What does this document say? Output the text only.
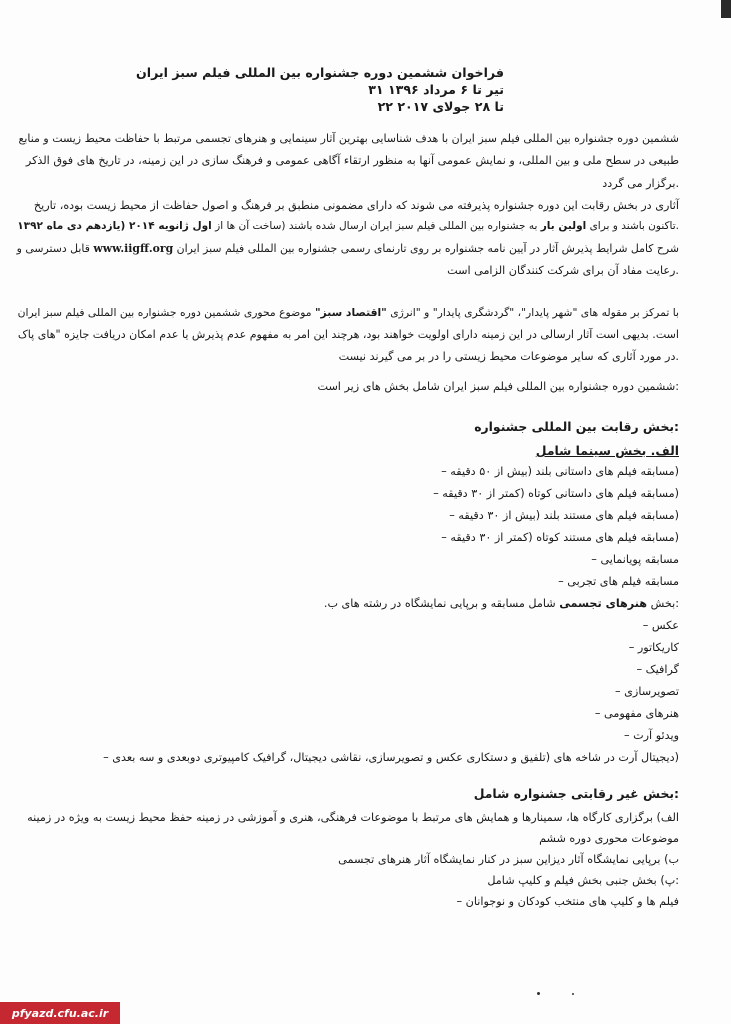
فراخوان ششمین دوره جشنواره بین المللی فیلم سبز ایران
تیر تا ۶ مرداد ۱۳۹۶ ۳۱
تا ۲۸ جولای ۲۰۱۷ ۲۲
ششمین دوره جشنواره بین المللی فیلم سبز ایران با هدف شناسایی بهترین آثار سینمایی و هنرهای تجسمی مرتبط با حفاظت محیط زیست و منابع
طبیعی در سطح ملی و بین المللی، و نمایش عمومی آنها به منظور ارتقاء آگاهی عمومی و فرهنگ سازی در این زمینه، در تاریخ های فوق الذکر
.برگزار می گردد
آثاری در بخش رقابت این دوره جشنواره پذیرفته می شوند که دارای مضمونی منطبق بر فرهنگ و اصول حفاظت از محیط زیست بوده، تاریخ
.تاکنون باشند و برای اولین بار به جشنواره بین المللی فیلم سبز ایران ارسال شده باشند (ساخت آن ها از اول ژانویه ۲۰۱۴ (یازدهم دی ماه ۱۳۹۲
شرح کامل شرایط پذیرش آثار در آیین نامه جشنواره بر روی تارنمای رسمی جشنواره بین المللی فیلم سبز ایران www.iigff.org قابل دسترسی و
.رعایت مفاد آن برای شرکت کنندگان الزامی است
با تمرکز بر مقوله های "شهر پایدار"، "گردشگری پایدار" و "انرژی "اقتصاد سبز" موضوع محوری ششمین دوره جشنواره بین المللی فیلم سبز ایران
است. بدیهی است آثار ارسالی در این زمینه دارای اولویت خواهند بود، هرچند این امر به مفهوم عدم پذیرش یا عدم امکان دریافت جایزه "های پاک
.در مورد آثاری که سایر موضوعات محیط زیستی را در بر می گیرند نیست
:ششمین دوره جشنواره بین المللی فیلم سبز ایران شامل بخش های زیر است
:بخش رقابت بین المللی جشنواره
الف. بخش سینما شامل
(مسابقه فیلم های داستانی بلند (بیش از ۵۰ دقیقه –
(مسابقه فیلم های داستانی کوتاه (کمتر از ۳۰ دقیقه –
(مسابقه فیلم های مستند بلند (بیش از ۳۰ دقیقه –
(مسابقه فیلم های مستند کوتاه (کمتر از ۳۰ دقیقه –
مسابقه پویانمایی –
مسابقه فیلم های تجربی –
:بخش هنرهای تجسمی شامل مسابقه و برپایی نمایشگاه در رشته های ب.
عکس –
کاریکاتور –
گرافیک –
تصویرسازی –
هنرهای مفهومی –
ویدئو آرت –
(دیجیتال آرت در شاخه های (تلفیق و دستکاری عکس و تصویرسازی، نقاشی دیجیتال، گرافیک کامپیوتری دوبعدی و سه بعدی –
:بخش غیر رقابتی جشنواره شامل
الف) برگزاری کارگاه ها، سمینارها و همایش های مرتبط با موضوعات فرهنگی، هنری و آموزشی در زمینه حفظ محیط زیست به ویژه در زمینه
موضوعات محوری دوره ششم
ب) برپایی نمایشگاه آثار دیزاین سبز در کنار نمایشگاه آثار هنرهای تجسمی
:پ) بخش جنبی بخش فیلم و کلیپ شامل
فیلم ها و کلیپ های منتخب کودکان و نوجوانان –
pfyazd.cfu.ac.ir
